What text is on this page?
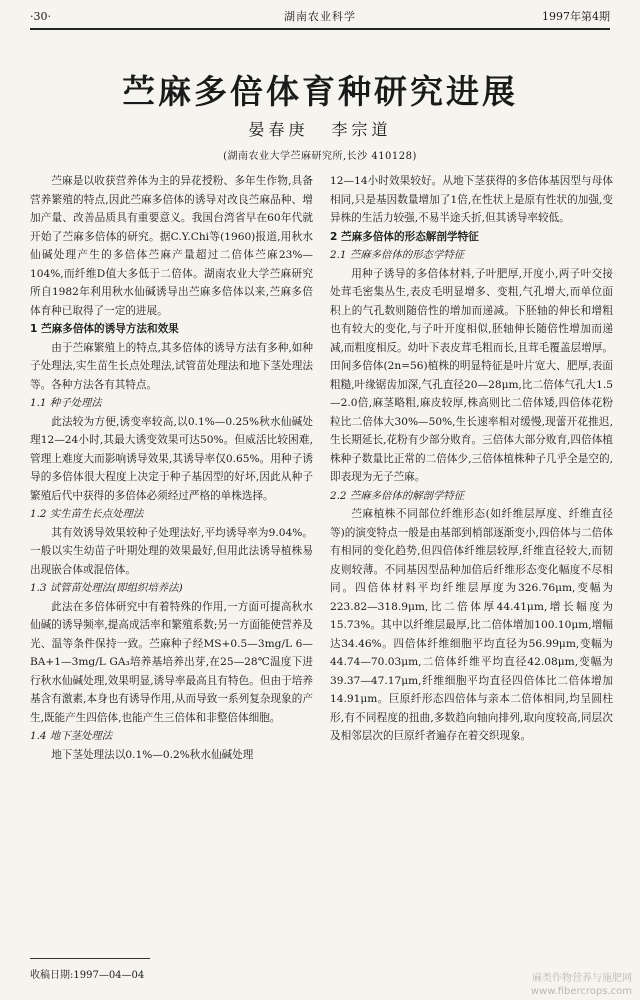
·30·	湖南农业科学	1997年第4期
苎麻多倍体育种研究进展
晏春庚 李宗道
(湖南农业大学苎麻研究所,长沙 410128)

苎麻是以收获营养体为主的异花授粉、多年生作物,具备营养繁殖的特点,因此苎麻多倍体的诱导对改良苎麻品种、增加产量、改善品质具有重要意义。我国台湾省早在60年代就开始了苎麻多倍体的研究。据C.Y.Chi等(1960)报道,用秋水仙碱处理产生的多倍体苎麻产量超过二倍体苎麻23%—104%,而纤维D值大多低于二倍体。湖南农业大学苎麻研究所自1982年利用秋水仙碱诱导出苎麻多倍体以来,苎麻多倍体育种已取得了一定的进展。

1 苎麻多倍体的诱导方法和效果

由于苎麻繁殖上的特点,其多倍体的诱导方法有多种,如种子处理法,实生苗生长点处理法,试管苗处理法和地下茎处理法等。各种方法各有其特点。

1.1 种子处理法

此法较为方便,诱变率较高,以0.1%—0.25%秋水仙碱处理12—24小时,其最大诱变效果可达50%。但威活比较困难,管理上难度大而影响诱导效果,其诱导率仅0.65%。用种子诱导的多倍体很大程度上决定于种子基因型的好坏,因此从种子繁殖后代中获得的多倍体必须经过严格的单株选择。

1.2 实生苗生长点处理法

其有效诱导效果较种子处理法好,平均诱导率为9.04%。一般以实生幼苗子叶期处理的效果最好,但用此法诱导植株易出现嵌合体或混倍体。

1.3 试管苗处理法(即组织培养法)

此法在多倍体研究中有着特殊的作用,一方面可提高秋水仙碱的诱导频率,提高成活率和繁殖系数;另一方面能使营养及光、温等条件保持一致。苎麻种子经MS+0.5—3mg/L 6—BA+1—3mg/L GA₃培养基培养出芽,在25—28℃温度下进行秋水仙碱处理,效果明显,诱导率最高且有特色。但由于培养基含有激素,本身也有诱导作用,从而导致一系列复杂现象的产生,既能产生四倍体,也能产生三倍体和非整倍体细胞。

1.4 地下茎处理法

地下茎处理法以0.1%—0.2%秋水仙碱处理

12—14小时效果较好。从地下茎获得的多倍体基因型与母体相同,只是基因数量增加了1倍,在性状上是原有性状的加强,变异株的生活力较强,不易半途夭折,但其诱导率较低。

2 苎麻多倍体的形态解剖学特征
2.1 苎麻多倍体的形态学特征

用种子诱导的多倍体材料,子叶肥厚,开度小,两子叶交接处茸毛密集丛生,表皮毛明显增多、变粗,气孔增大,而单位面积上的气孔数则随倍性的增加而递减。下胚轴的伸长和增粗也有较大的变化,与子叶开度相似,胚轴伸长随倍性增加而递减,而粗度相反。幼叶下表皮茸毛粗而长,且茸毛覆盖层增厚。田间多倍体(2n=56)植株的明显特征是叶片宽大、肥厚,表面粗糙,叶缘锯齿加深,气孔直径20—28μm,比二倍体气孔大1.5—2.0倍,麻茎略粗,麻皮较厚,株高则比二倍体矮,四倍体花粉粒比二倍体大30%—50%,生长速率相对缓慢,现蕾开花推迟,生长期延长,花粉有少部分败育。三倍体大部分败育,四倍体植株种子数量比正常的二倍体少,三倍体植株种子几乎全是空的,即表现为无子苎麻。

2.2 苎麻多倍体的解剖学特征

苎麻植株不同部位纤维形态(如纤维层厚度、纤维直径等)的演变特点一般是由基部到梢部逐渐变小,四倍体与二倍体有相同的变化趋势,但四倍体纤维层较厚,纤维直径较大,而韧皮则较薄。不同基因型品种加倍后纤维形态变化幅度不尽相同。四倍体材料平均纤维层厚度为326.76μm,变幅为223.82—318.9μm,比二倍体厚44.41μm,增长幅度为15.73%。其中以纤维层最厚,比二倍体增加100.10μm,增幅达34.46%。四倍体纤维细胞平均直径为56.99μm,变幅为44.74—70.03μm,二倍体纤维平均直径42.08μm,变幅为39.37—47.17μm,纤维细胞平均直径四倍体比二倍体增加14.91μm。巨原纤形态四倍体与亲本二倍体相同,均呈圆柱形,有不同程度的扭曲,多数趋向轴向排列,取向度较高,同层次及相邻层次的巨原纤者遍存在着交织现象。

收稿日期:1997—04—04	麻类作物营养与施肥网
www.fibercrops.com
